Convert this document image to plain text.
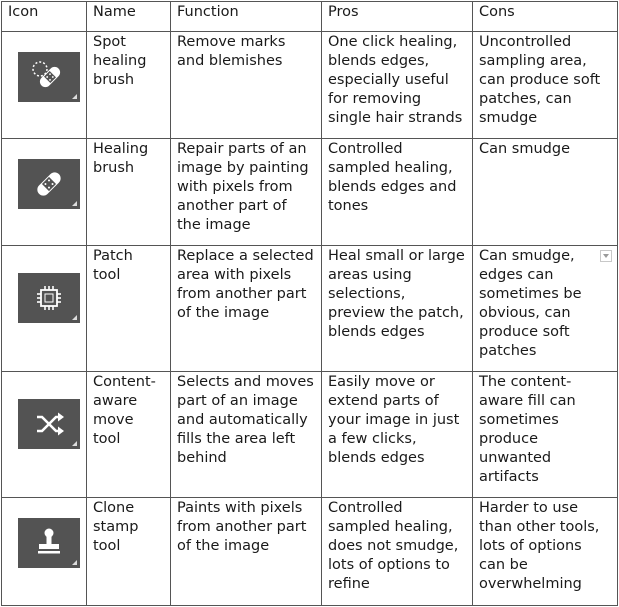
Icon	Name	Function	Pros	Cons

	Spot healing brush	Remove marks and blemishes	One click healing, blends edges, especially useful for removing single hair strands	Uncontrolled sampling area, can produce soft patches, can smudge

	Healing brush	Repair parts of an image by painting with pixels from another part of the image	Controlled sampled healing, blends edges and tones	Can smudge

	Patch tool	Replace a selected area with pixels from another part of the image	Heal small or large areas using selections, preview the patch, blends edges	Can smudge, edges can sometimes be obvious, can produce soft patches

	Content-aware move tool	Selects and moves part of an image and automatically fills the area left behind	Easily move or extend parts of your image in just a few clicks, blends edges	The content-aware fill can sometimes produce unwanted artifacts

	Clone stamp tool	Paints with pixels from another part of the image	Controlled sampled healing, does not smudge, lots of options to refine	Harder to use than other tools, lots of options can be overwhelming
